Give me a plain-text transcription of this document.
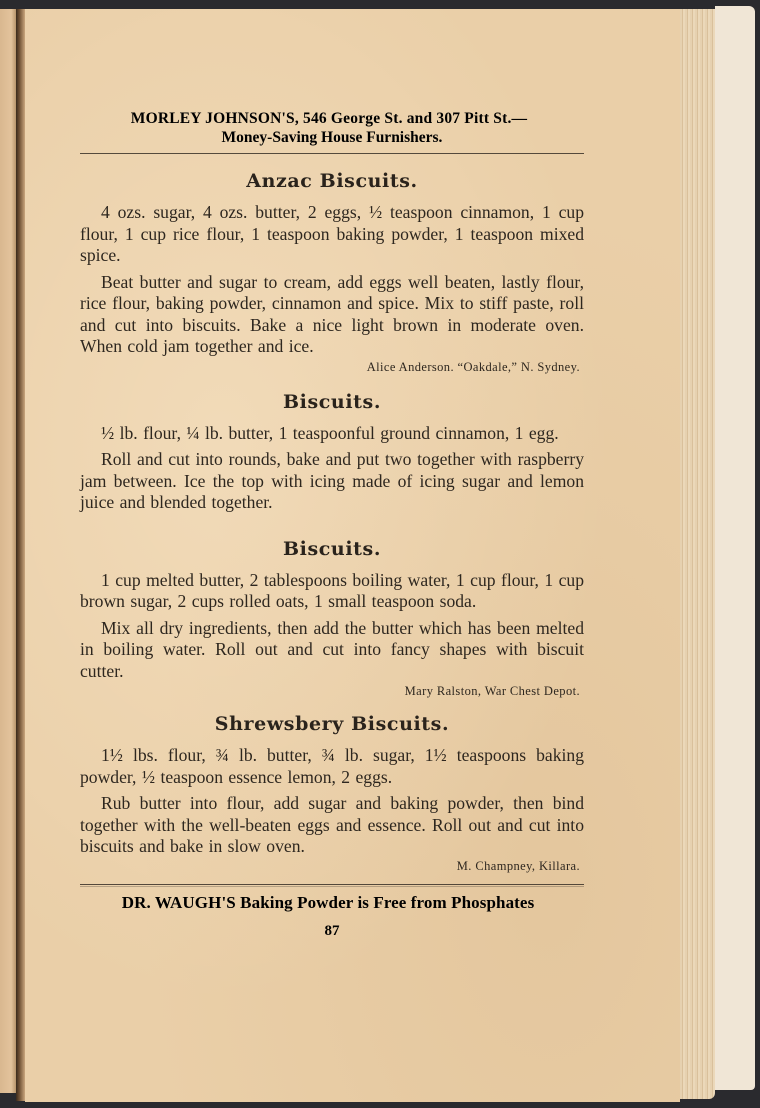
MORLEY JOHNSON'S, 546 George St. and 307 Pitt St.—
Money-Saving House Furnishers.
Anzac Biscuits.

4 ozs. sugar, 4 ozs. butter, 2 eggs, ½ teaspoon cinnamon, 1 cup flour, 1 cup rice flour, 1 teaspoon baking powder, 1 teaspoon mixed spice.

Beat butter and sugar to cream, add eggs well beaten, lastly flour, rice flour, baking powder, cinnamon and spice. Mix to stiff paste, roll and cut into biscuits. Bake a nice light brown in moderate oven. When cold jam together and ice.

Alice Anderson. “Oakdale,” N. Sydney.
Biscuits.

½ lb. flour, ¼ lb. butter, 1 teaspoonful ground cinnamon, 1 egg.

Roll and cut into rounds, bake and put two together with raspberry jam between. Ice the top with icing made of icing sugar and lemon juice and blended together.

Biscuits.

1 cup melted butter, 2 tablespoons boiling water, 1 cup flour, 1 cup brown sugar, 2 cups rolled oats, 1 small teaspoon soda.

Mix all dry ingredients, then add the butter which has been melted in boiling water. Roll out and cut into fancy shapes with biscuit cutter.

Mary Ralston, War Chest Depot.
Shrewsbery Biscuits.

1½ lbs. flour, ¾ lb. butter, ¾ lb. sugar, 1½ teaspoons baking powder, ½ teaspoon essence lemon, 2 eggs.

Rub butter into flour, add sugar and baking powder, then bind together with the well-beaten eggs and essence. Roll out and cut into biscuits and bake in slow oven.

M. Champney, Killara.
DR. WAUGH'S Baking Powder is Free from Phosphates
87
